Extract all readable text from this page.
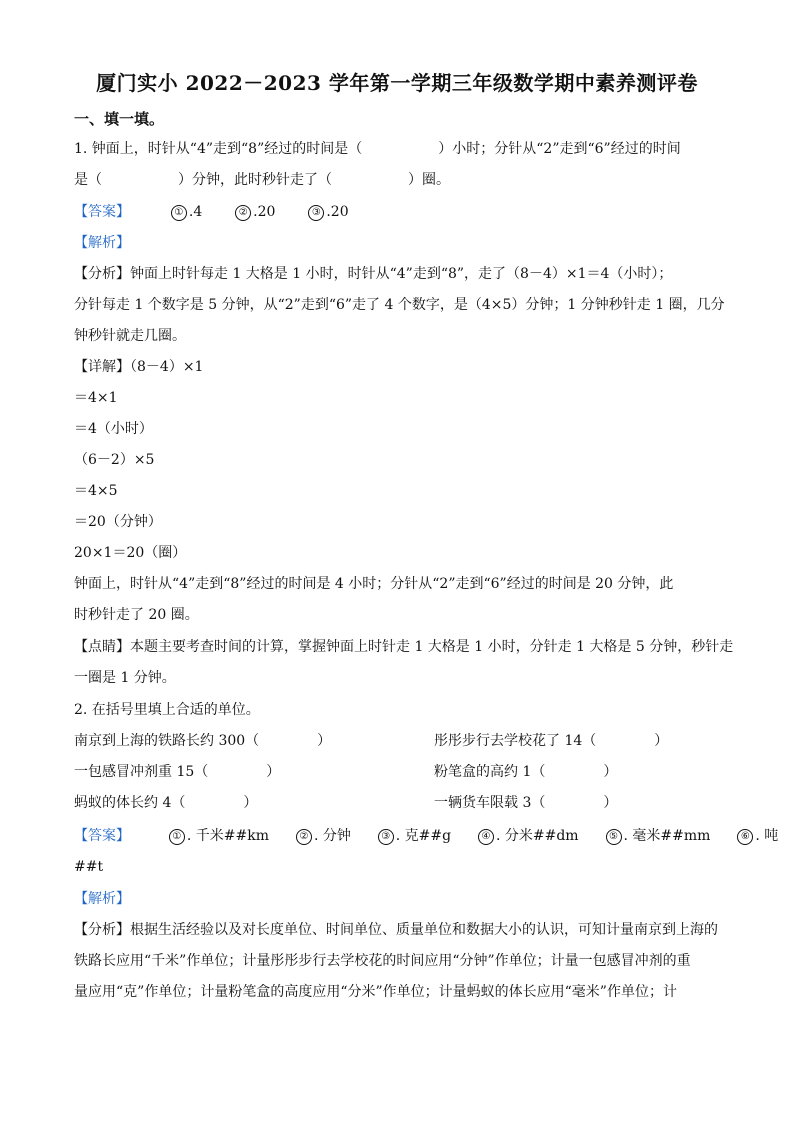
厦门实小 2022－2023 学年第一学期三年级数学期中素养测评卷
一、填一填。
1. 钟面上，时针从“4”走到“8”经过的时间是（	）小时；分针从“2”走到“6”经过的时间
是（	）分钟，此时秒针走了（	）圈。
【答案】	① .4	② .20	③ .20
【解析】
【分析】钟面上时针每走 1 大格是 1 小时，时针从“4”走到“8”，走了（8－4）×1＝4（小时）；
分针每走 1 个数字是 5 分钟，从“2”走到“6”走了 4 个数字，是（4×5）分钟；1 分钟秒针走 1 圈，几分
钟秒针就走几圈。
【详解】（8－4）×1
＝4×1
＝4（小时）
（6－2）×5
＝4×5
＝20（分钟）
20×1＝20（圈）
钟面上，时针从“4”走到“8”经过的时间是 4 小时；分针从“2”走到“6”经过的时间是 20 分钟，此
时秒针走了 20 圈。
【点睛】本题主要考查时间的计算，掌握钟面上时针走 1 大格是 1 小时，分针走 1 大格是 5 分钟，秒针走
一圈是 1 分钟。
2. 在括号里填上合适的单位。
南京到上海的铁路长约 300（	）	彤彤步行去学校花了 14（	）
一包感冒冲剂重 15（	）	粉笔盒的高约 1（	）
蚂蚁的体长约 4（	）	一辆货车限载 3（	）
【答案】	① . 千米##km	② . 分钟	③ . 克##g	④ . 分米##dm	⑤ . 毫米##mm	⑥ . 吨
##t
【解析】
【分析】根据生活经验以及对长度单位、时间单位、质量单位和数据大小的认识，可知计量南京到上海的
铁路长应用“千米”作单位；计量彤彤步行去学校花的时间应用“分钟”作单位；计量一包感冒冲剂的重
量应用“克”作单位；计量粉笔盒的高度应用“分米”作单位；计量蚂蚁的体长应用“毫米”作单位；计
